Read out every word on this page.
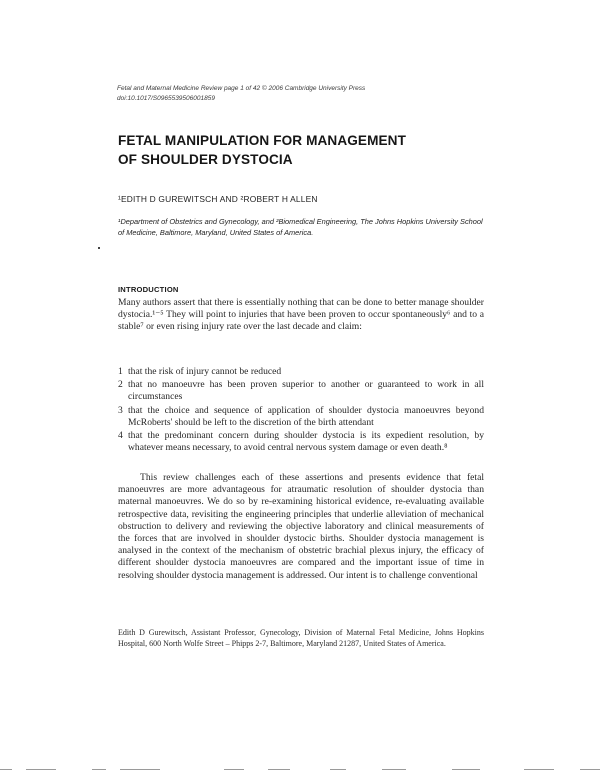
Fetal and Maternal Medicine Review page 1 of 42 © 2006 Cambridge University Press
doi:10.1017/S0965539506001859
FETAL MANIPULATION FOR MANAGEMENT
OF SHOULDER DYSTOCIA
¹EDITH D GUREWITSCH AND ²ROBERT H ALLEN
¹Department of Obstetrics and Gynecology, and ²Biomedical Engineering, The Johns Hopkins University School of Medicine, Baltimore, Maryland, United States of America.
INTRODUCTION

Many authors assert that there is essentially nothing that can be done to better manage shoulder dystocia.¹⁻⁵ They will point to injuries that have been proven to occur spontaneously⁶ and to a stable⁷ or even rising injury rate over the last decade and claim:

1 that the risk of injury cannot be reduced
2 that no manoeuvre has been proven superior to another or guaranteed to work in all circumstances
3 that the choice and sequence of application of shoulder dystocia manoeuvres beyond McRoberts' should be left to the discretion of the birth attendant
4 that the predominant concern during shoulder dystocia is its expedient resolution, by whatever means necessary, to avoid central nervous system damage or even death.⁸

This review challenges each of these assertions and presents evidence that fetal manoeuvres are more advantageous for atraumatic resolution of shoulder dystocia than maternal manoeuvres. We do so by re-examining historical evidence, re-evaluating available retrospective data, revisiting the engineering principles that underlie alleviation of mechanical obstruction to delivery and reviewing the objective laboratory and clinical measurements of the forces that are involved in shoulder dystocic births. Shoulder dystocia management is analysed in the context of the mechanism of obstetric brachial plexus injury, the efficacy of different shoulder dystocia manoeuvres are compared and the important issue of time in resolving shoulder dystocia management is addressed. Our intent is to challenge conventional

Edith D Gurewitsch, Assistant Professor, Gynecology, Division of Maternal Fetal Medicine, Johns Hopkins Hospital, 600 North Wolfe Street – Phipps 2-7, Baltimore, Maryland 21287, United States of America.
